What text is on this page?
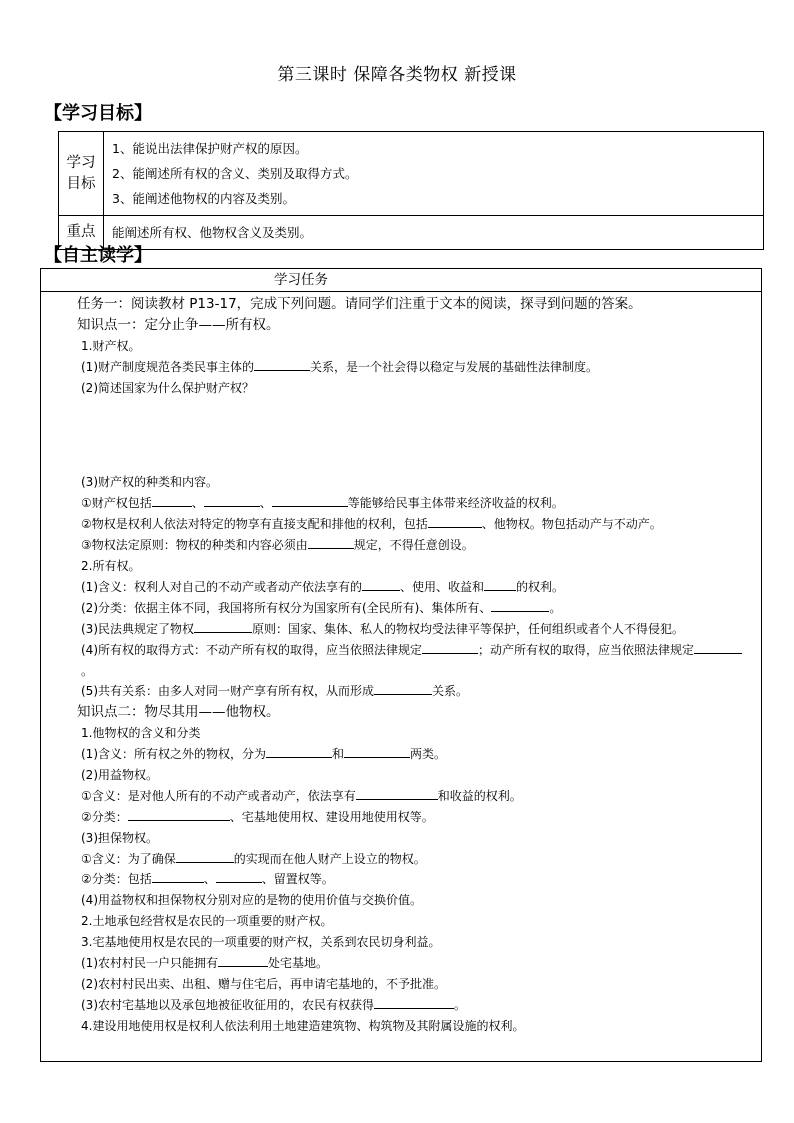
第三课时 保障各类物权 新授课
【学习目标】
学习
目标	1、能说出法律保护财产权的原因。
2、能阐述所有权的含义、类别及取得方式。
3、能阐述他物权的内容及类别。

重点	能阐述所有权、他物权含义及类别。
【自主读学】
学习任务
任务一：阅读教材 P13-17，完成下列问题。请同学们注重于文本的阅读，探寻到问题的答案。
知识点一：定分止争——所有权。
1.财产权。
(1)财产制度规范各类民事主体的	关系，是一个社会得以稳定与发展的基础性法律制度。
(2)简述国家为什么保护财产权？
(3)财产权的种类和内容。
①财产权包括	、	、	等能够给民事主体带来经济收益的权利。
②物权是权利人依法对特定的物享有直接支配和排他的权利，包括	、他物权。物包括动产与不动产。
③物权法定原则：物权的种类和内容必须由	规定，不得任意创设。
2.所有权。
(1)含义：权利人对自己的不动产或者动产依法享有的	、使用、收益和	的权利。
(2)分类：依据主体不同，我国将所有权分为国家所有(全民所有)、集体所有、	。
(3)民法典规定了物权	原则：国家、集体、私人的物权均受法律平等保护，任何组织或者个人不得侵犯。
(4)所有权的取得方式：不动产所有权的取得，应当依照法律规定	；动产所有权的取得，应当依照法律规定。
(5)共有关系：由多人对同一财产享有所有权，从而形成	关系。
知识点二：物尽其用——他物权。
1.他物权的含义和分类
(1)含义：所有权之外的物权，分为	和	两类。
(2)用益物权。
①含义：是对他人所有的不动产或者动产，依法享有	和收益的权利。
②分类：	、宅基地使用权、建设用地使用权等。
(3)担保物权。
①含义：为了确保	的实现而在他人财产上设立的物权。
②分类：包括	、	、留置权等。
(4)用益物权和担保物权分别对应的是物的使用价值与交换价值。
2.土地承包经营权是农民的一项重要的财产权。
3.宅基地使用权是农民的一项重要的财产权，关系到农民切身利益。
(1)农村村民一户只能拥有	处宅基地。
(2)农村村民出卖、出租、赠与住宅后，再申请宅基地的，不予批准。
(3)农村宅基地以及承包地被征收征用的，农民有权获得	。
4.建设用地使用权是权利人依法利用土地建造建筑物、构筑物及其附属设施的权利。
